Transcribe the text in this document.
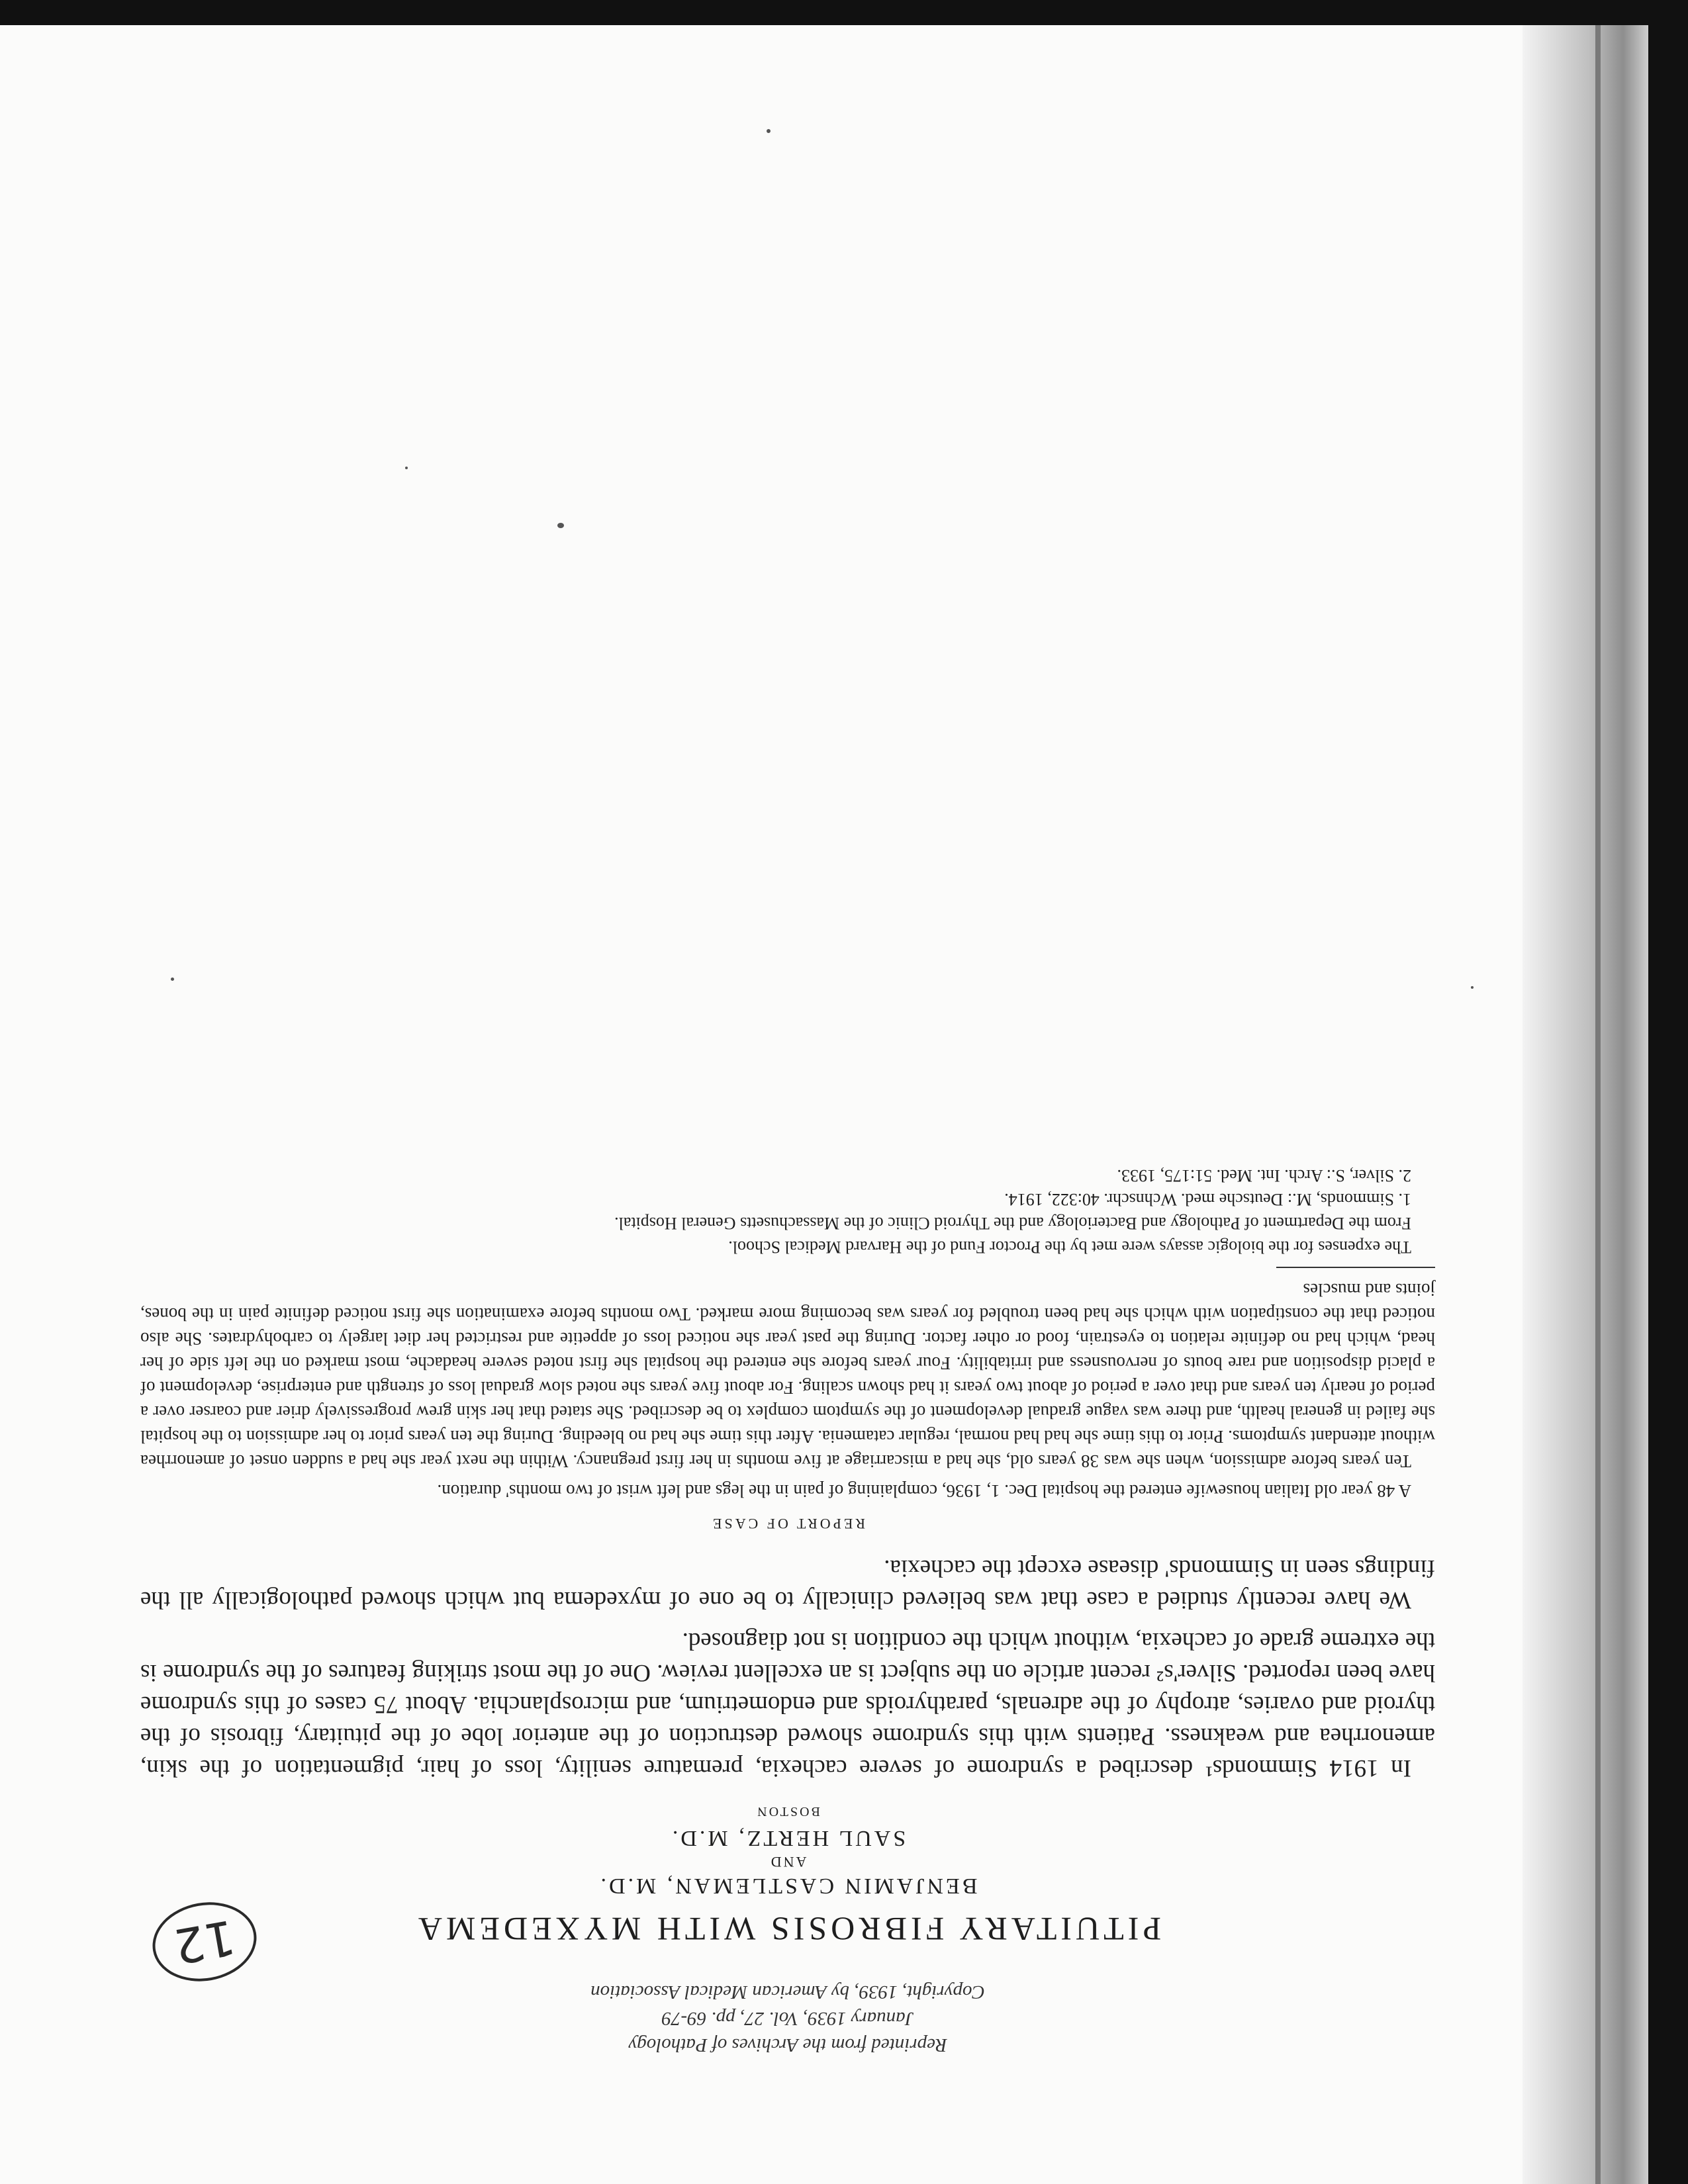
Reprinted from the Archives of Pathology
January 1939, Vol. 27, pp. 69-79
Copyright, 1939, by American Medical Association
PITUITARY FIBROSIS WITH MYXEDEMA
BENJAMIN CASTLEMAN, M.D.
AND
SAUL HERTZ, M.D.
BOSTON

In 1914 Simmonds¹ described a syndrome of severe cachexia, premature senility, loss of hair, pigmentation of the skin, amenorrhea and weakness. Patients with this syndrome showed destruction of the anterior lobe of the pituitary, fibrosis of the thyroid and ovaries, atrophy of the adrenals, parathyroids and endometrium, and microsplanchia. About 75 cases of this syndrome have been reported. Silver's² recent article on the subject is an excellent review. One of the most striking features of the syndrome is the extreme grade of cachexia, without which the condition is not diagnosed.

We have recently studied a case that was believed clinically to be one of myxedema but which showed pathologically all the findings seen in Simmonds' disease except the cachexia.

REPORT OF CASE

A 48 year old Italian housewife entered the hospital Dec. 1, 1936, complaining of pain in the legs and left wrist of two months' duration.

Ten years before admission, when she was 38 years old, she had a miscarriage at five months in her first pregnancy. Within the next year she had a sudden onset of amenorrhea without attendant symptoms. Prior to this time she had had normal, regular catamenia. After this time she had no bleeding. During the ten years prior to her admission to the hospital she failed in general health, and there was vague gradual development of the symptom complex to be described. She stated that her skin grew progressively drier and coarser over a period of nearly ten years and that over a period of about two years it had shown scaling. For about five years she noted slow gradual loss of strength and enterprise, development of a placid disposition and rare bouts of nervousness and irritability. Four years before she entered the hospital she first noted severe headache, most marked on the left side of her head, which had no definite relation to eyestrain, food or other factor. During the past year she noticed loss of appetite and restricted her diet largely to carbohydrates. She also noticed that the constipation with which she had been troubled for years was becoming more marked. Two months before examination she first noticed definite pain in the bones, joints and muscles

The expenses for the biologic assays were met by the Proctor Fund of the Harvard Medical School.

From the Department of Pathology and Bacteriology and the Thyroid Clinic of the Massachusetts General Hospital.

1. Simmonds, M.: Deutsche med. Wchnschr. 40:322, 1914.

2. Silver, S.: Arch. Int. Med. 51:175, 1933.

12
